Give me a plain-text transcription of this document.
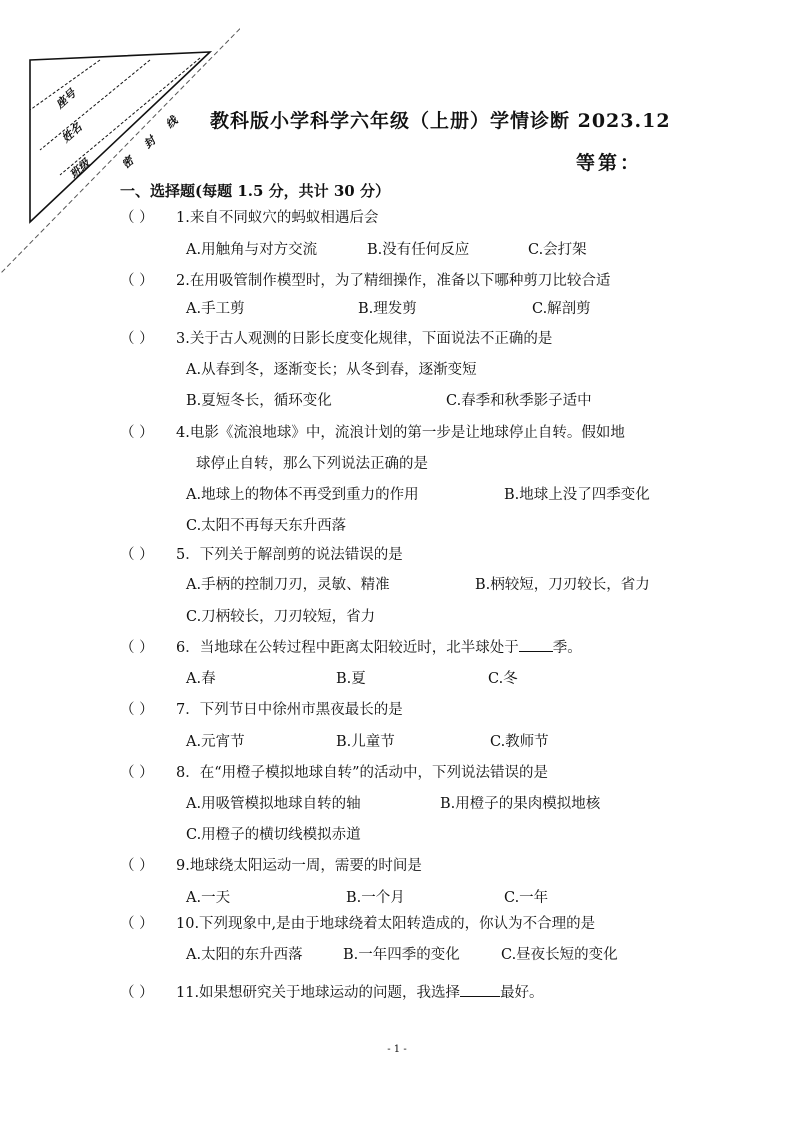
座号
姓名
班级 密
封
线 教科版小学科学六年级（上册）学情诊断 2023.12
等第：
一、选择题(每题 1.5 分，共计 30 分）
（ ） 1.来自不同蚁穴的蚂蚁相遇后会
A.用触角与对方交流	B.没有任何反应	C.会打架
（ ） 2.在用吸管制作模型时，为了精细操作，准备以下哪种剪刀比较合适
A.手工剪	B.理发剪	C.解剖剪
（ ） 3.关于古人观测的日影长度变化规律，下面说法不正确的是
A.从春到冬，逐渐变长；从冬到春，逐渐变短
B.夏短冬长，循环变化	C.春季和秋季影子适中
（ ） 4.电影《流浪地球》中，流浪计划的第一步是让地球停止自转。假如地
球停止自转，那么下列说法正确的是
A.地球上的物体不再受到重力的作用	B.地球上没了四季变化
C.太阳不再每天东升西落
（ ） 5．下列关于解剖剪的说法错误的是
A.手柄的控制刀刃，灵敏、精准	B.柄较短，刀刃较长，省力
C.刀柄较长，刀刃较短，省力
（ ） 6．当地球在公转过程中距离太阳较近时，北半球处于 季。
A.春	B.夏	C.冬
（ ） 7．下列节日中徐州市黑夜最长的是
A.元宵节	B.儿童节	C.教师节
（ ） 8．在“用橙子模拟地球自转”的活动中，下列说法错误的是
A.用吸管模拟地球自转的轴	B.用橙子的果肉模拟地核
C.用橙子的横切线模拟赤道
（ ） 9.地球绕太阳运动一周，需要的时间是
A.一天	B.一个月	C.一年
（ ） 10.下列现象中,是由于地球绕着太阳转造成的，你认为不合理的是
A.太阳的东升西落	B.一年四季的变化	C.昼夜长短的变化
（ ） 11.如果想研究关于地球运动的问题，我选择	最好。
- 1 -
